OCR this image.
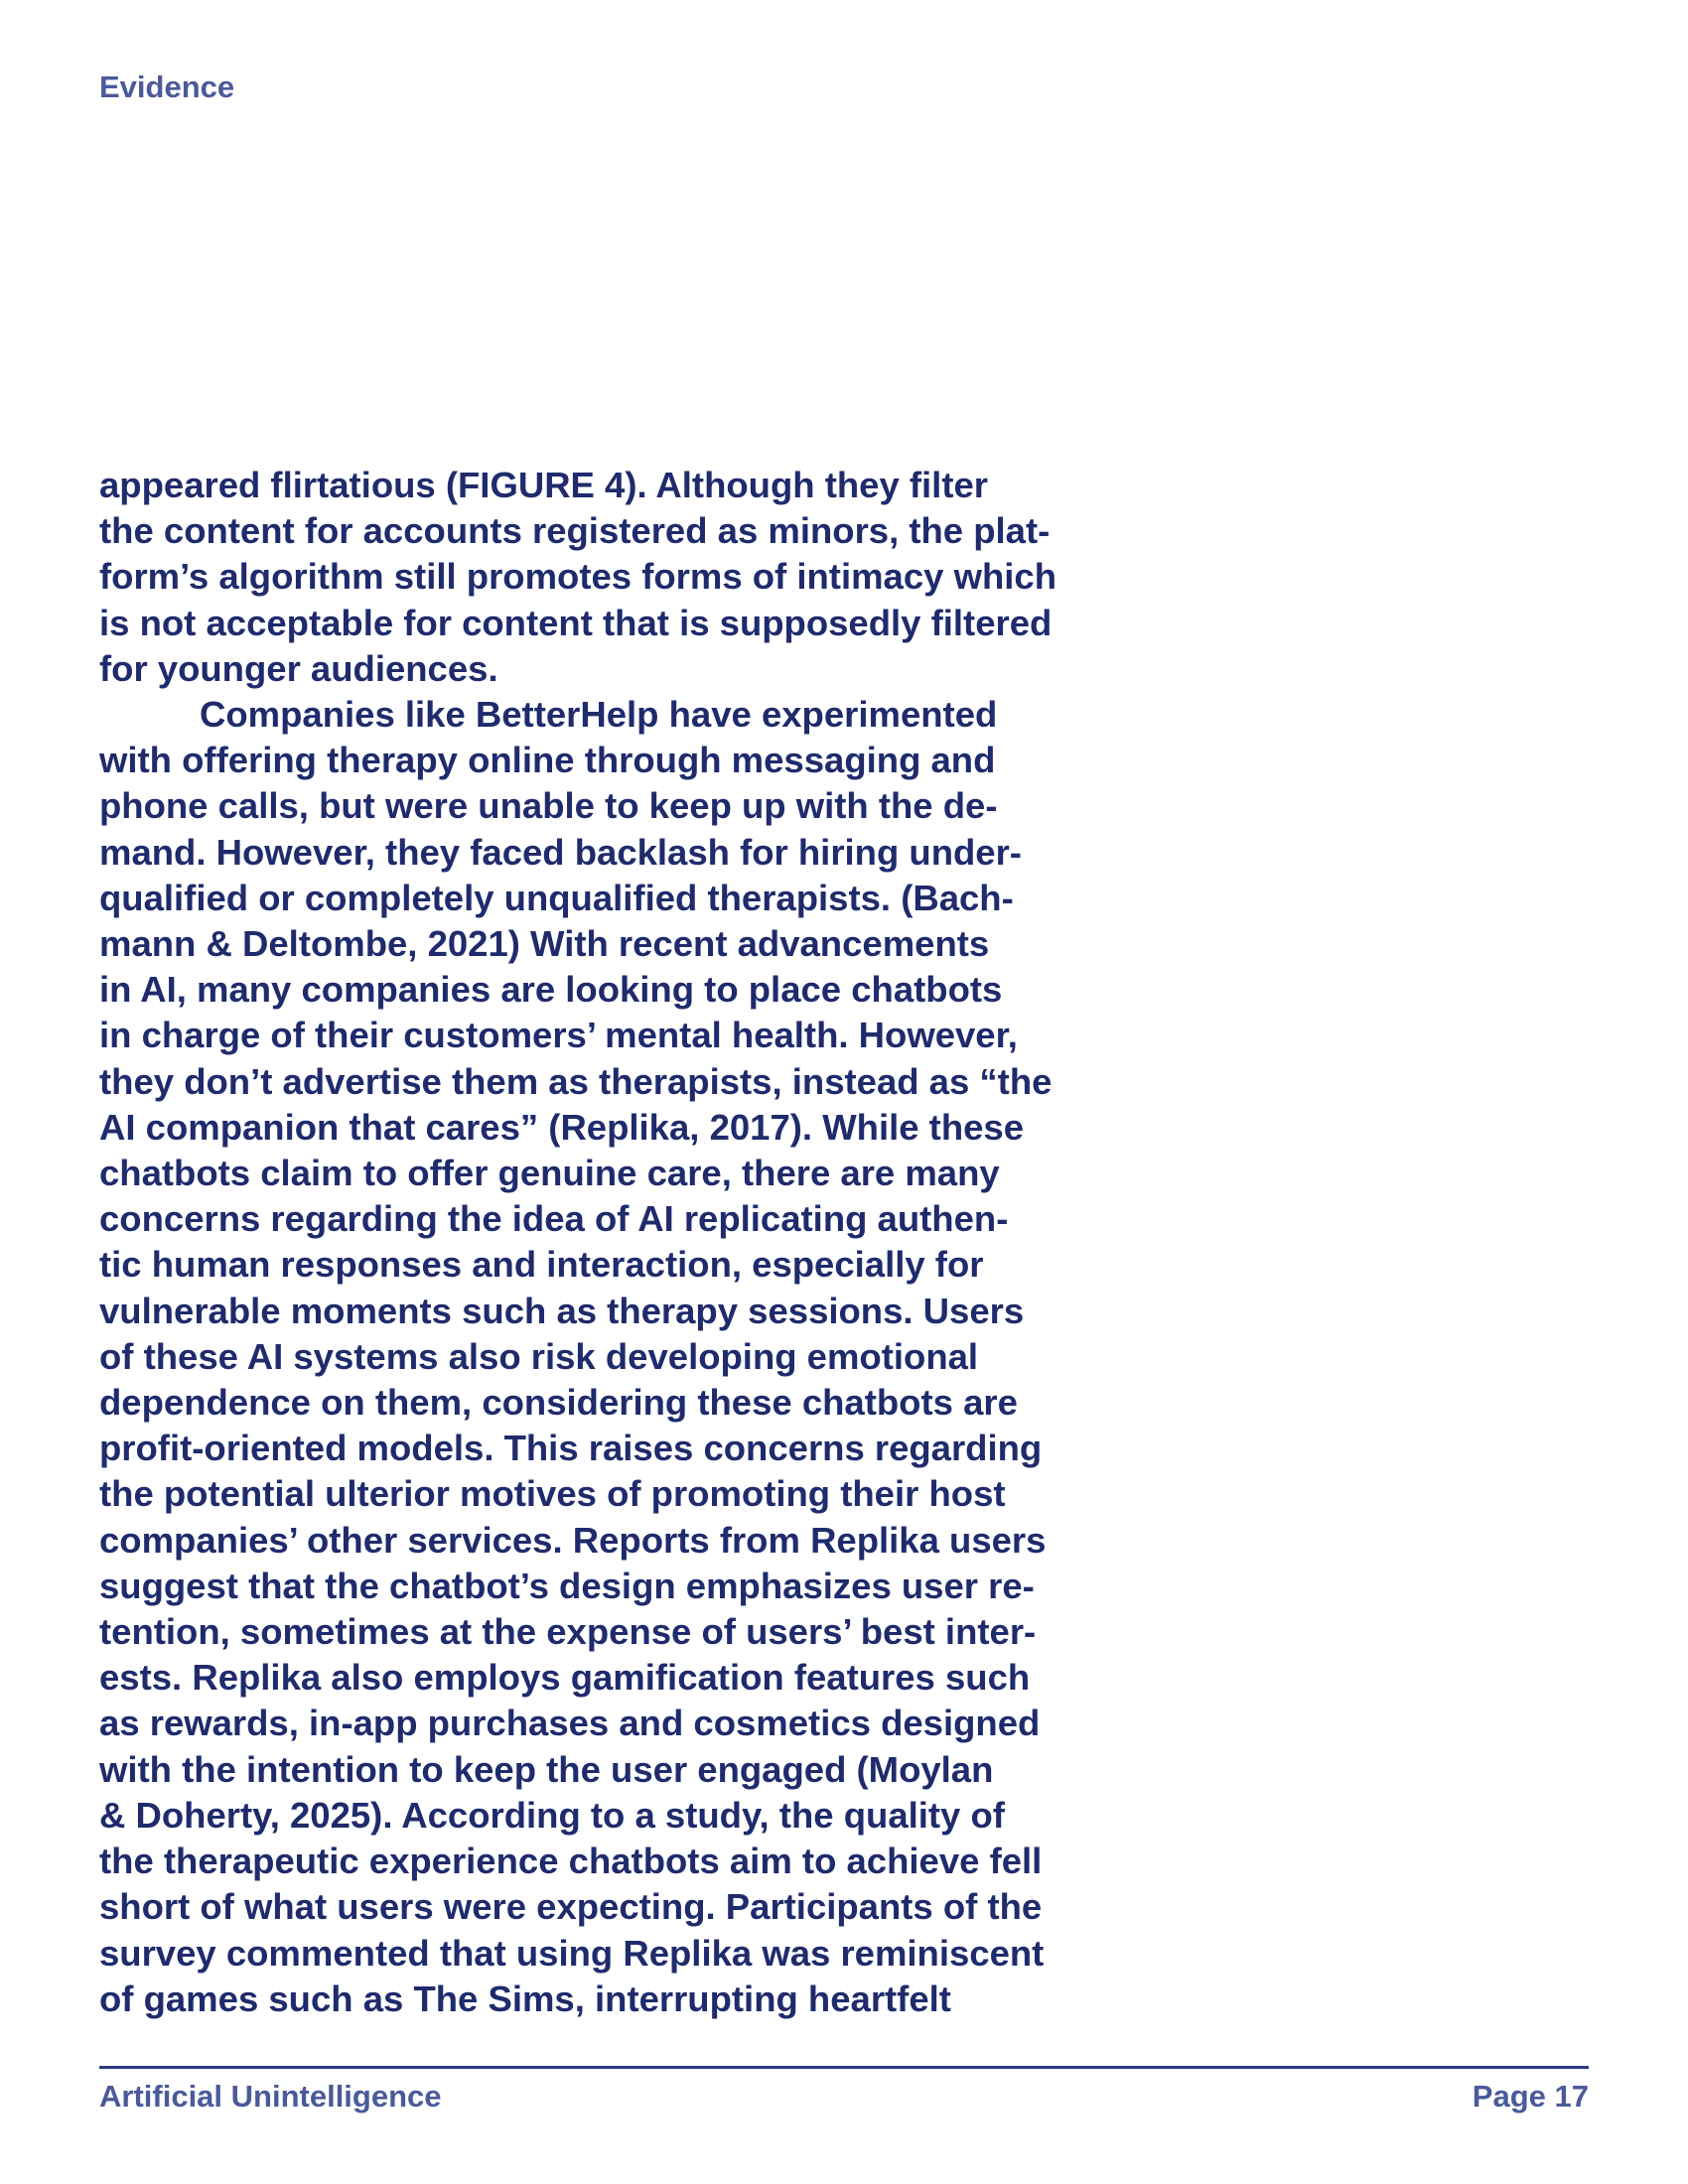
Evidence

appeared flirtatious (FIGURE 4). Although they filter
the content for accounts registered as minors, the plat-
form’s algorithm still promotes forms of intimacy which
is not acceptable for content that is supposedly filtered
for younger audiences.
Companies like BetterHelp have experimented
with offering therapy online through messaging and
phone calls, but were unable to keep up with the de-
mand. However, they faced backlash for hiring under-
qualified or completely unqualified therapists. (Bach-
mann & Deltombe, 2021) With recent advancements
in AI, many companies are looking to place chatbots
in charge of their customers’ mental health. However,
they don’t advertise them as therapists, instead as “the
AI companion that cares” (Replika, 2017). While these
chatbots claim to offer genuine care, there are many
concerns regarding the idea of AI replicating authen-
tic human responses and interaction, especially for
vulnerable moments such as therapy sessions. Users
of these AI systems also risk developing emotional
dependence on them, considering these chatbots are
profit-oriented models. This raises concerns regarding
the potential ulterior motives of promoting their host
companies’ other services. Reports from Replika users
suggest that the chatbot’s design emphasizes user re-
tention, sometimes at the expense of users’ best inter-
ests. Replika also employs gamification features such
as rewards, in-app purchases and cosmetics designed
with the intention to keep the user engaged (Moylan
& Doherty, 2025). According to a study, the quality of
the therapeutic experience chatbots aim to achieve fell
short of what users were expecting. Participants of the
survey commented that using Replika was reminiscent
of games such as The Sims, interrupting heartfelt

Artificial Unintelligence	Page 17
